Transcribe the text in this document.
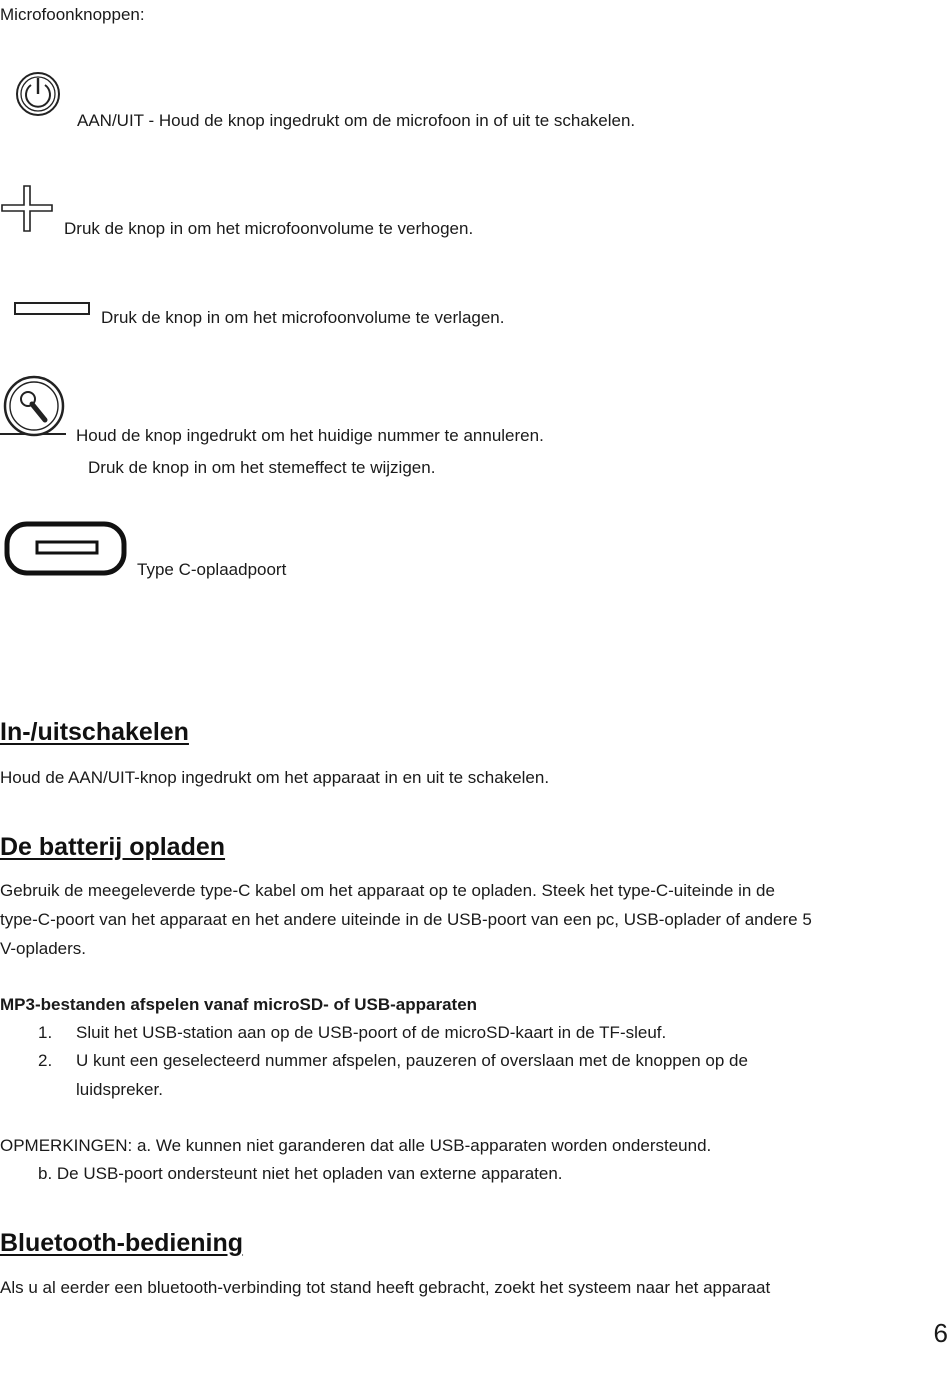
Microfoonknoppen:
AAN/UIT - Houd de knop ingedrukt om de microfoon in of uit te schakelen.
Druk de knop in om het microfoonvolume te verhogen.
Druk de knop in om het microfoonvolume te verlagen.
Houd de knop ingedrukt om het huidige nummer te annuleren.
Druk de knop in om het stemeffect te wijzigen.
Type C-oplaadpoort
In-/uitschakelen
Houd de AAN/UIT-knop ingedrukt om het apparaat in en uit te schakelen.
De batterij opladen
Gebruik de meegeleverde type-C kabel om het apparaat op te opladen. Steek het type-C-uiteinde in de
type-C-poort van het apparaat en het andere uiteinde in de USB-poort van een pc, USB-oplader of andere 5
V-opladers.
MP3-bestanden afspelen vanaf microSD- of USB-apparaten
1. Sluit het USB-station aan op de USB-poort of de microSD-kaart in de TF-sleuf.
2. U kunt een geselecteerd nummer afspelen, pauzeren of overslaan met de knoppen op de
luidspreker.
OPMERKINGEN: a. We kunnen niet garanderen dat alle USB-apparaten worden ondersteund.
b. De USB-poort ondersteunt niet het opladen van externe apparaten.
Bluetooth-bediening
Als u al eerder een bluetooth-verbinding tot stand heeft gebracht, zoekt het systeem naar het apparaat
6
